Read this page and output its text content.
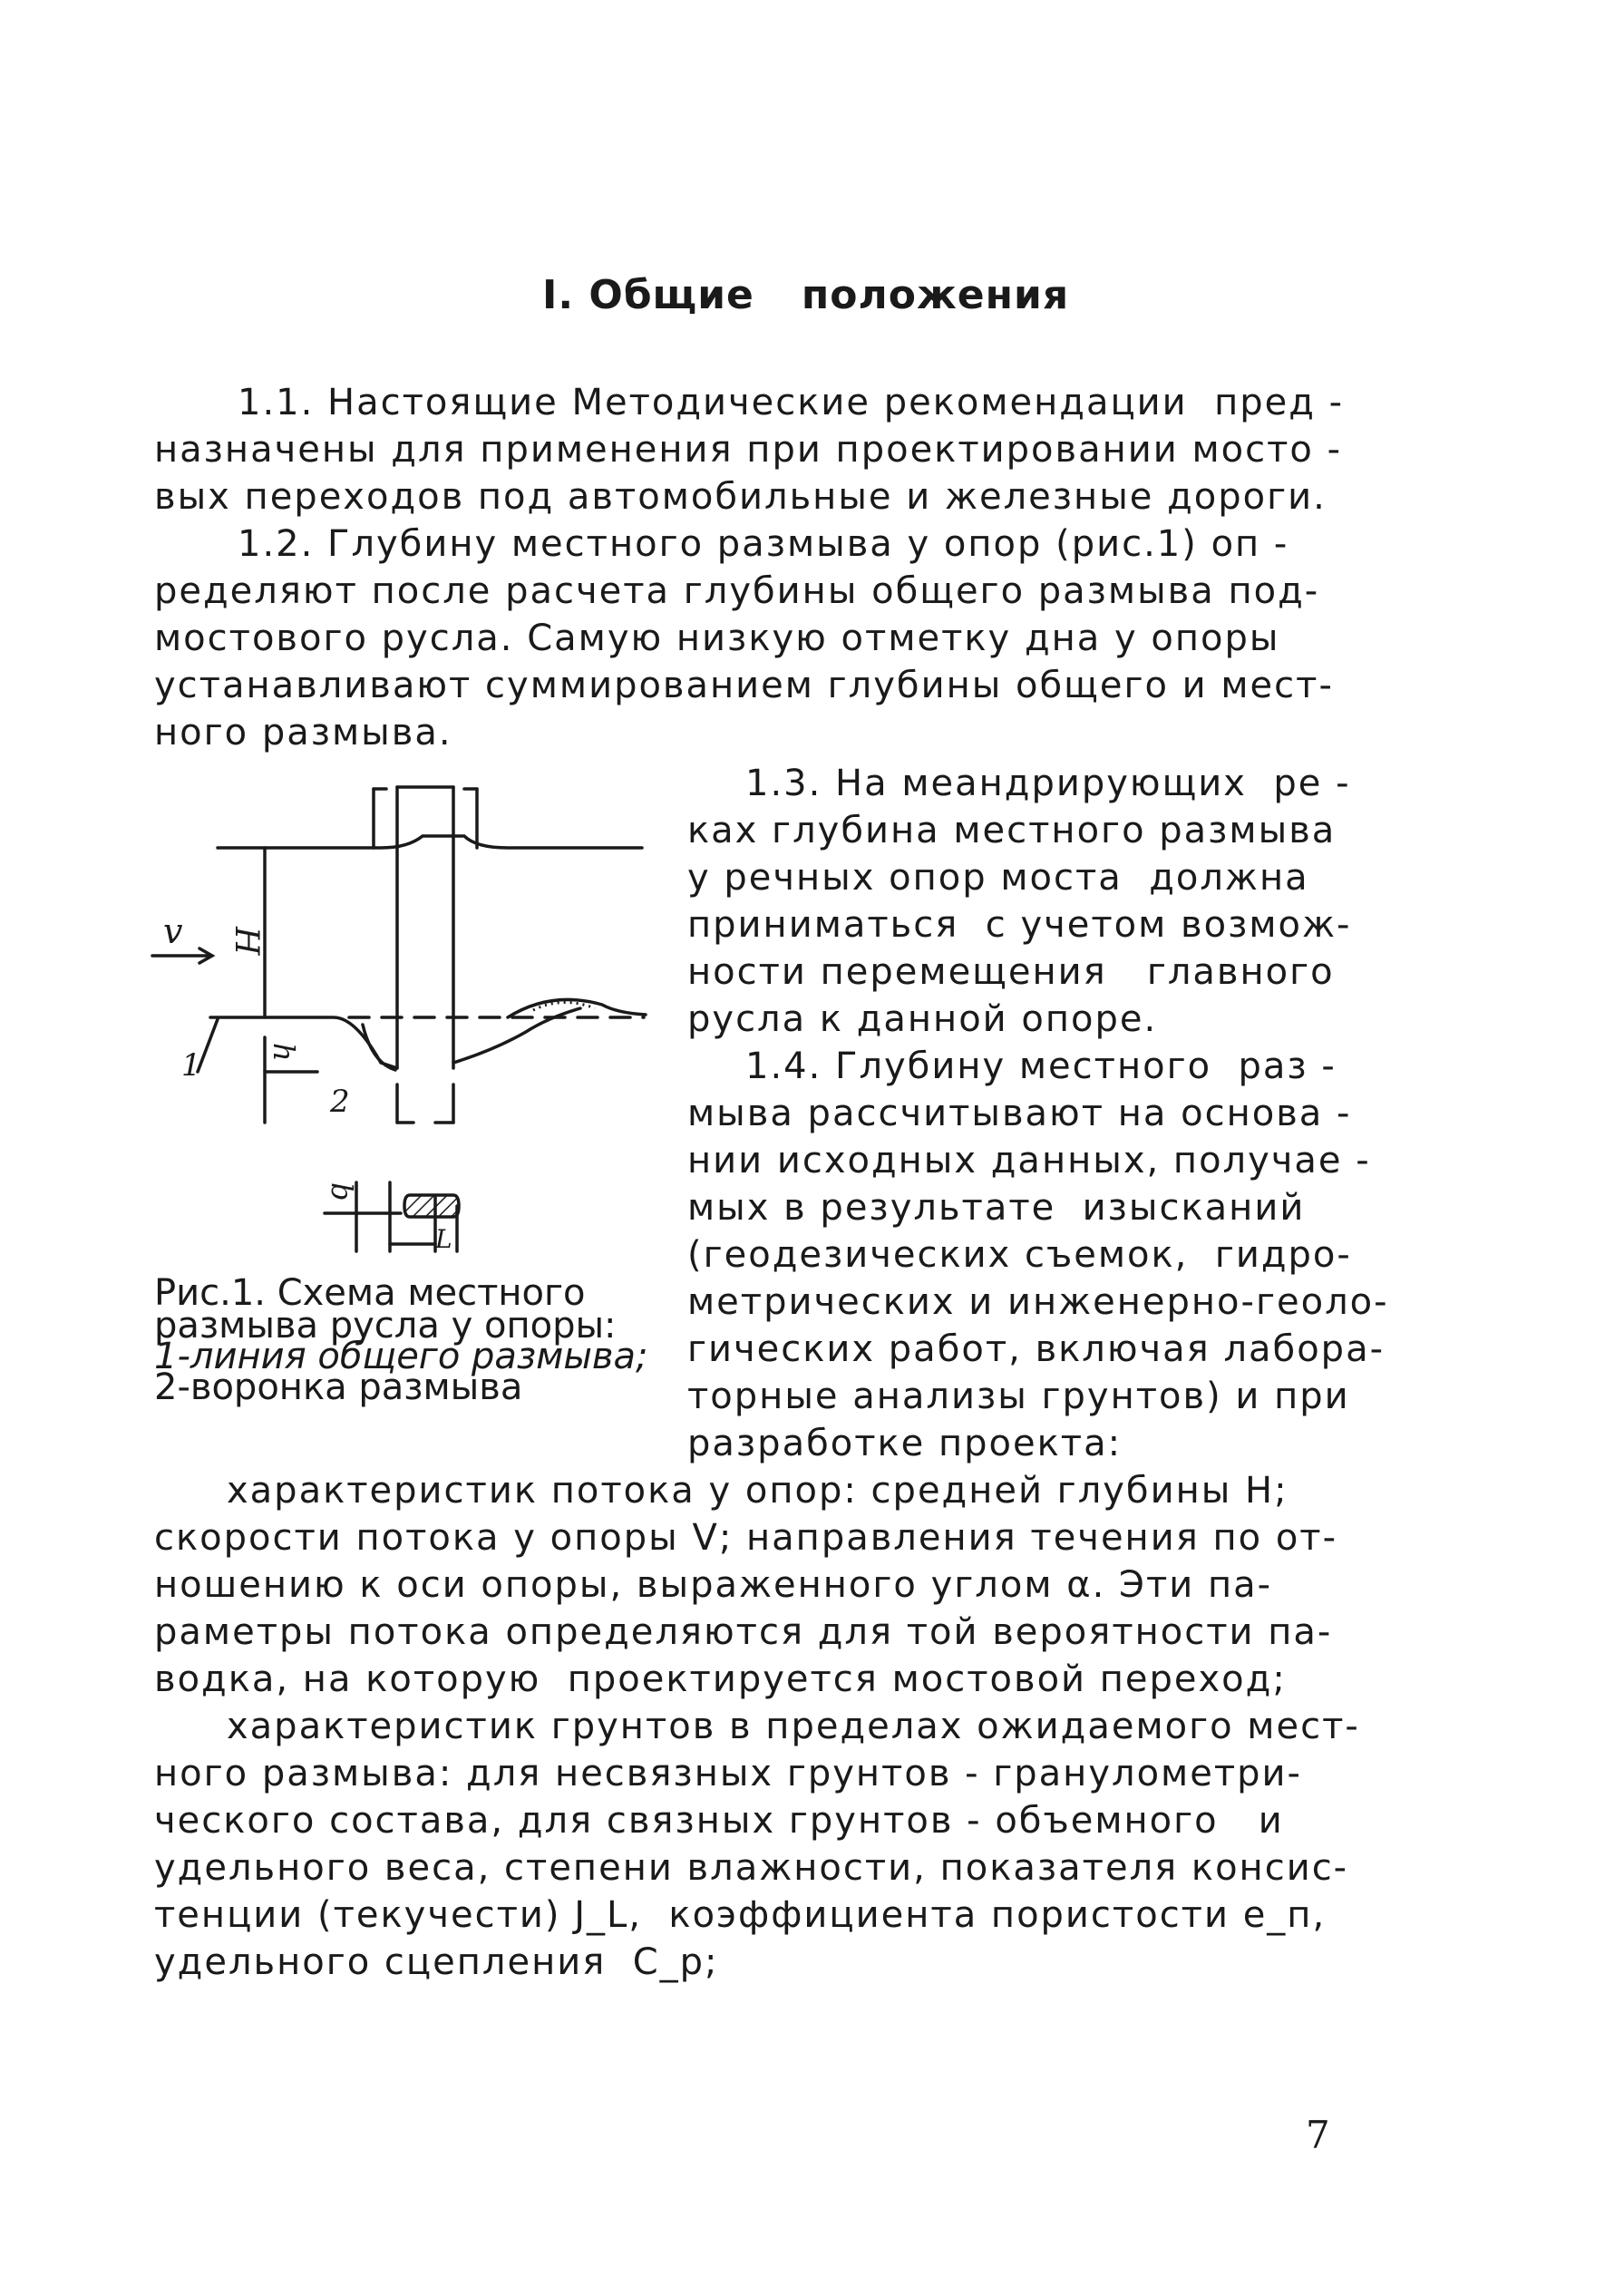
I. Общие положения
1.1. Настоящие Методические рекомендации  пред -
назначены для применения при проектировании мосто -
вых переходов под автомобильные и железные дороги.
1.2. Глубину местного размыва у опор (рис.1) оп -
ределяют после расчета глубины общего размыва под-
мостового русла. Самую низкую отметку дна у опоры
устанавливают суммированием глубины общего и мест-
ного размыва.
1.3. На меандрирующих  ре -
ках глубина местного размыва
у речных опор моста  должна
приниматься  с учетом возмож-
ности перемещения   главного
русла к данной опоре.
1.4. Глубину местного  раз -
мыва рассчитывают на основа -
нии исходных данных, получае -
мых в результате  изысканий
(геодезических съемок,  гидро-
метрических и инженерно-геоло-
гических работ, включая лабора-
торные анализы грунтов) и при
разработке проекта:
характеристик потока у опор: средней глубины H;
скорости потока у опоры V; направления течения по от-
ношению к оси опоры, выраженного углом α. Эти па-
раметры потока определяются для той вероятности па-
водка, на которую  проектируется мостовой переход;
характеристик грунтов в пределах ожидаемого мест-
ного размыва: для несвязных грунтов - гранулометри-
ческого состава, для связных грунтов - объемного   и
удельного веса, степени влажности, показателя консис-
тенции (текучести) J_L,  коэффициента пористости e_п,
удельного сцепления  C_p;
Рис.1. Схема местного
размыва русла у опоры:
1-линия общего размыва;
2-воронка размыва
7
v H
h
1
2
b
L
